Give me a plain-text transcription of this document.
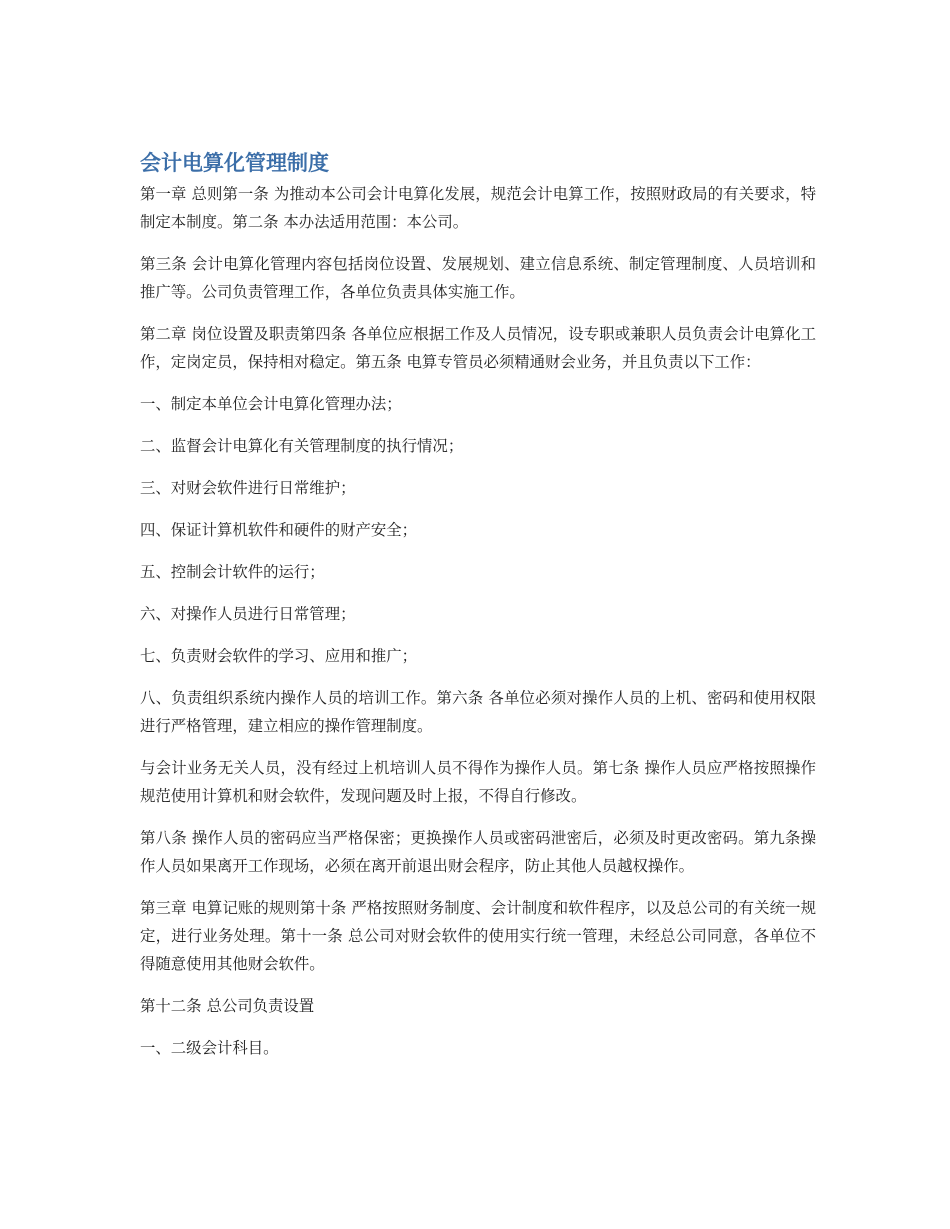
会计电算化管理制度

第一章 总则第一条 为推动本公司会计电算化发展，规范会计电算工作，按照财政局的有关要求，特制定本制度。第二条 本办法适用范围：本公司。

第三条 会计电算化管理内容包括岗位设置、发展规划、建立信息系统、制定管理制度、人员培训和推广等。公司负责管理工作，各单位负责具体实施工作。

第二章 岗位设置及职责第四条 各单位应根据工作及人员情况，设专职或兼职人员负责会计电算化工作，定岗定员，保持相对稳定。第五条 电算专管员必须精通财会业务，并且负责以下工作：

一、制定本单位会计电算化管理办法；

二、监督会计电算化有关管理制度的执行情况；

三、对财会软件进行日常维护；

四、保证计算机软件和硬件的财产安全；

五、控制会计软件的运行；

六、对操作人员进行日常管理；

七、负责财会软件的学习、应用和推广；

八、负责组织系统内操作人员的培训工作。第六条 各单位必须对操作人员的上机、密码和使用权限进行严格管理，建立相应的操作管理制度。

与会计业务无关人员，没有经过上机培训人员不得作为操作人员。第七条 操作人员应严格按照操作规范使用计算机和财会软件，发现问题及时上报，不得自行修改。

第八条 操作人员的密码应当严格保密；更换操作人员或密码泄密后，必须及时更改密码。第九条操作人员如果离开工作现场，必须在离开前退出财会程序，防止其他人员越权操作。

第三章 电算记账的规则第十条 严格按照财务制度、会计制度和软件程序，以及总公司的有关统一规定，进行业务处理。第十一条 总公司对财会软件的使用实行统一管理，未经总公司同意，各单位不得随意使用其他财会软件。

第十二条 总公司负责设置

一、二级会计科目。
